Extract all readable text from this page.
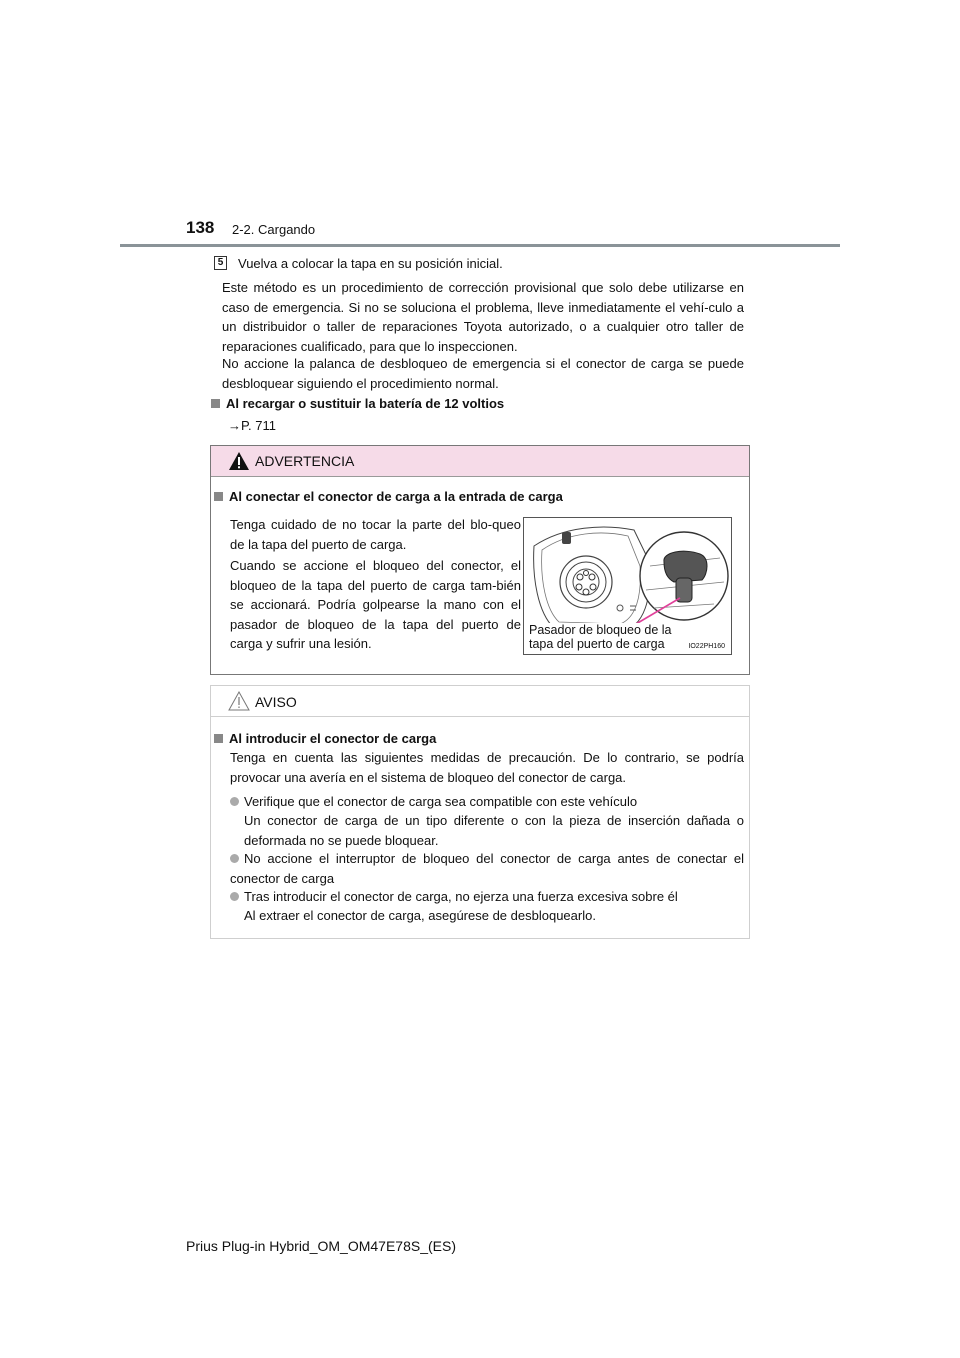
138 2-2. Cargando
5 Vuelva a colocar la tapa en su posición inicial.
Este método es un procedimiento de corrección provisional que solo debe utilizarse en caso de emergencia. Si no se soluciona el problema, lleve inmediatamente el vehí-culo a un distribuidor o taller de reparaciones Toyota autorizado, o a cualquier otro taller de reparaciones cualificado, para que lo inspeccionen.
No accione la palanca de desbloqueo de emergencia si el conector de carga se puede desbloquear siguiendo el procedimiento normal.
Al recargar o sustituir la batería de 12 voltios
→P. 711
ADVERTENCIA
Al conectar el conector de carga a la entrada de carga
Tenga cuidado de no tocar la parte del blo-queo de la tapa del puerto de carga.
Cuando se accione el bloqueo del conector, el bloqueo de la tapa del puerto de carga tam-bién se accionará. Podría golpearse la mano con el pasador de bloqueo de la tapa del puerto de carga y sufrir una lesión.
Pasador de bloqueo de la
tapa del puerto de carga	IO22PH160
AVISO
Al introducir el conector de carga
Tenga en cuenta las siguientes medidas de precaución. De lo contrario, se podría provocar una avería en el sistema de bloqueo del conector de carga.
Verifique que el conector de carga sea compatible con este vehículo
Un conector de carga de un tipo diferente o con la pieza de inserción dañada o deformada no se puede bloquear.
No accione el interruptor de bloqueo del conector de carga antes de conectar el conector de carga
Tras introducir el conector de carga, no ejerza una fuerza excesiva sobre él
Al extraer el conector de carga, asegúrese de desbloquearlo.
Prius Plug-in Hybrid_OM_OM47E78S_(ES)
